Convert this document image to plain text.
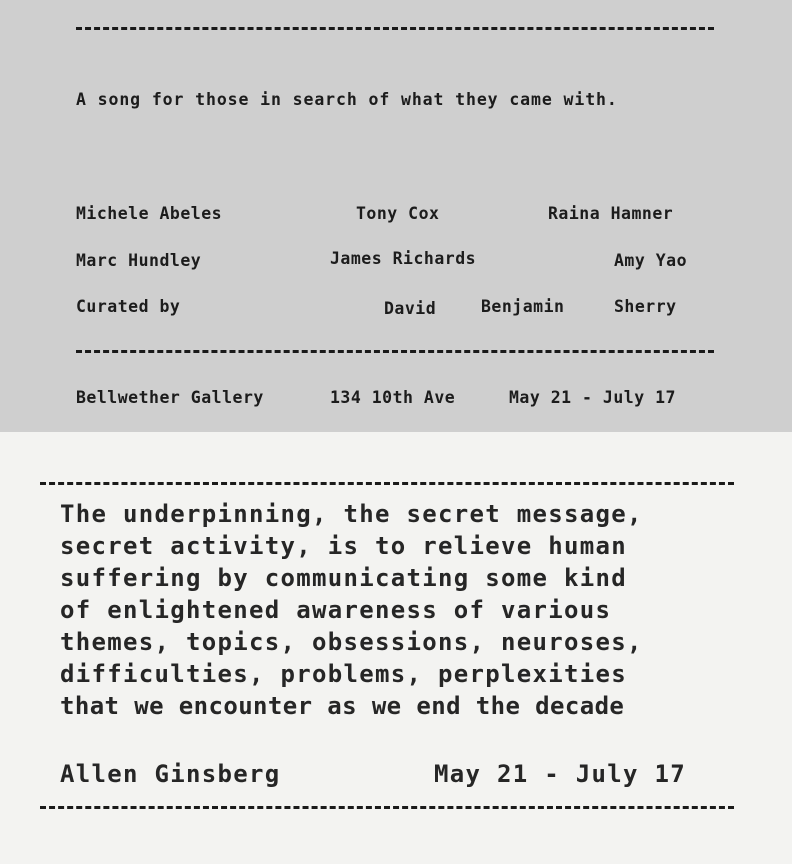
A song for those in search of what they came with.
Michele Abeles	Tony Cox	Raina Hamner
Marc Hundley	James Richards	Amy Yao
Curated by	David	Benjamin	Sherry
Bellwether Gallery	134 10th Ave	May 21 - July 17
The underpinning, the secret message,
secret activity, is to relieve human
suffering by communicating some kind
of enlightened awareness of various
themes, topics, obsessions, neuroses,
difficulties, problems, perplexities
that we encounter as we end the decade
Allen Ginsberg	May 21 - July 17
